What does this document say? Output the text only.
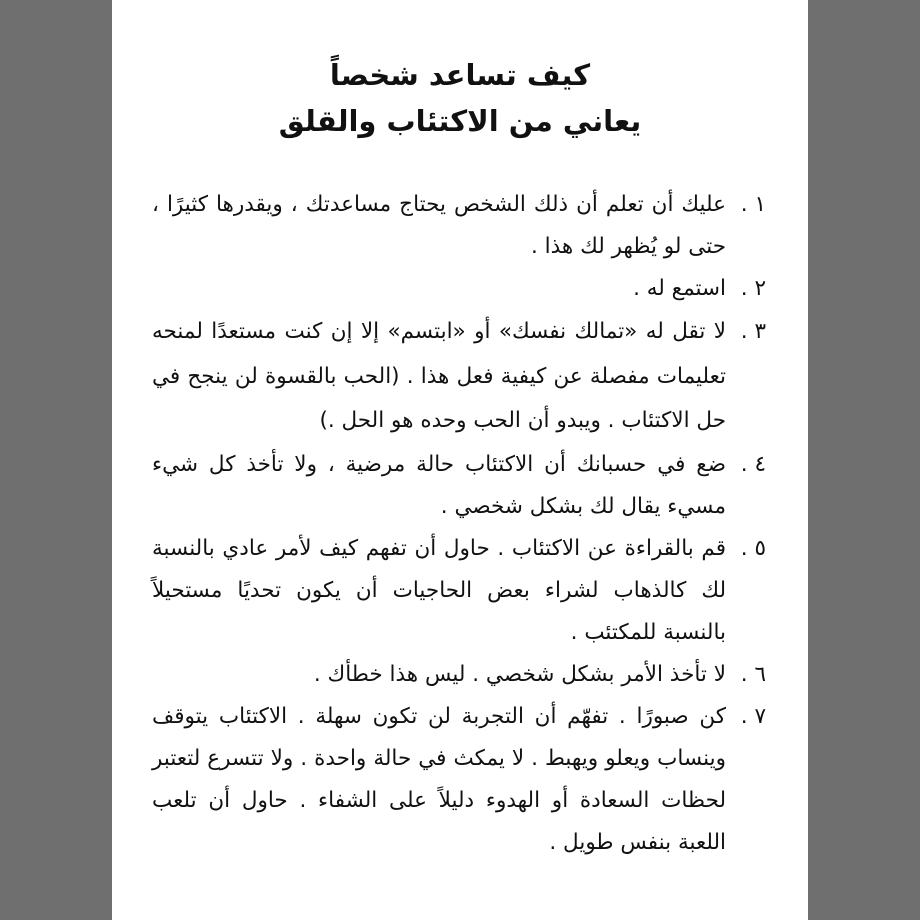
كيف تساعد شخصاً
يعاني من الاكتئاب والقلق
١ .
عليك أن تعلم أن ذلك الشخص يحتاج مساعدتك ، ويقدرها كثيرًا ، حتى لو يُظهر لك هذا .
٢ .
استمع له .
٣ .
لا تقل له «تمالك نفسك» أو «ابتسم» إلا إن كنت مستعدًا لمنحه تعليمات مفصلة عن كيفية فعل هذا . (الحب بالقسوة لن ينجح في حل الاكتئاب . ويبدو أن الحب وحده هو الحل .)
٤ .
ضع في حسبانك أن الاكتئاب حالة مرضية ، ولا تأخذ كل شيء مسيء يقال لك بشكل شخصي .
٥ .
قم بالقراءة عن الاكتئاب . حاول أن تفهم كيف لأمر عادي بالنسبة لك كالذهاب لشراء بعض الحاجيات أن يكون تحديًا مستحيلاً بالنسبة للمكتئب .
٦ .
لا تأخذ الأمر بشكل شخصي . ليس هذا خطأك .
٧ .
كن صبورًا . تفهّم أن التجربة لن تكون سهلة . الاكتئاب يتوقف وينساب ويعلو ويهبط . لا يمكث في حالة واحدة . ولا تتسرع لتعتبر لحظات السعادة أو الهدوء دليلاً على الشفاء . حاول أن تلعب اللعبة بنفس طويل .
